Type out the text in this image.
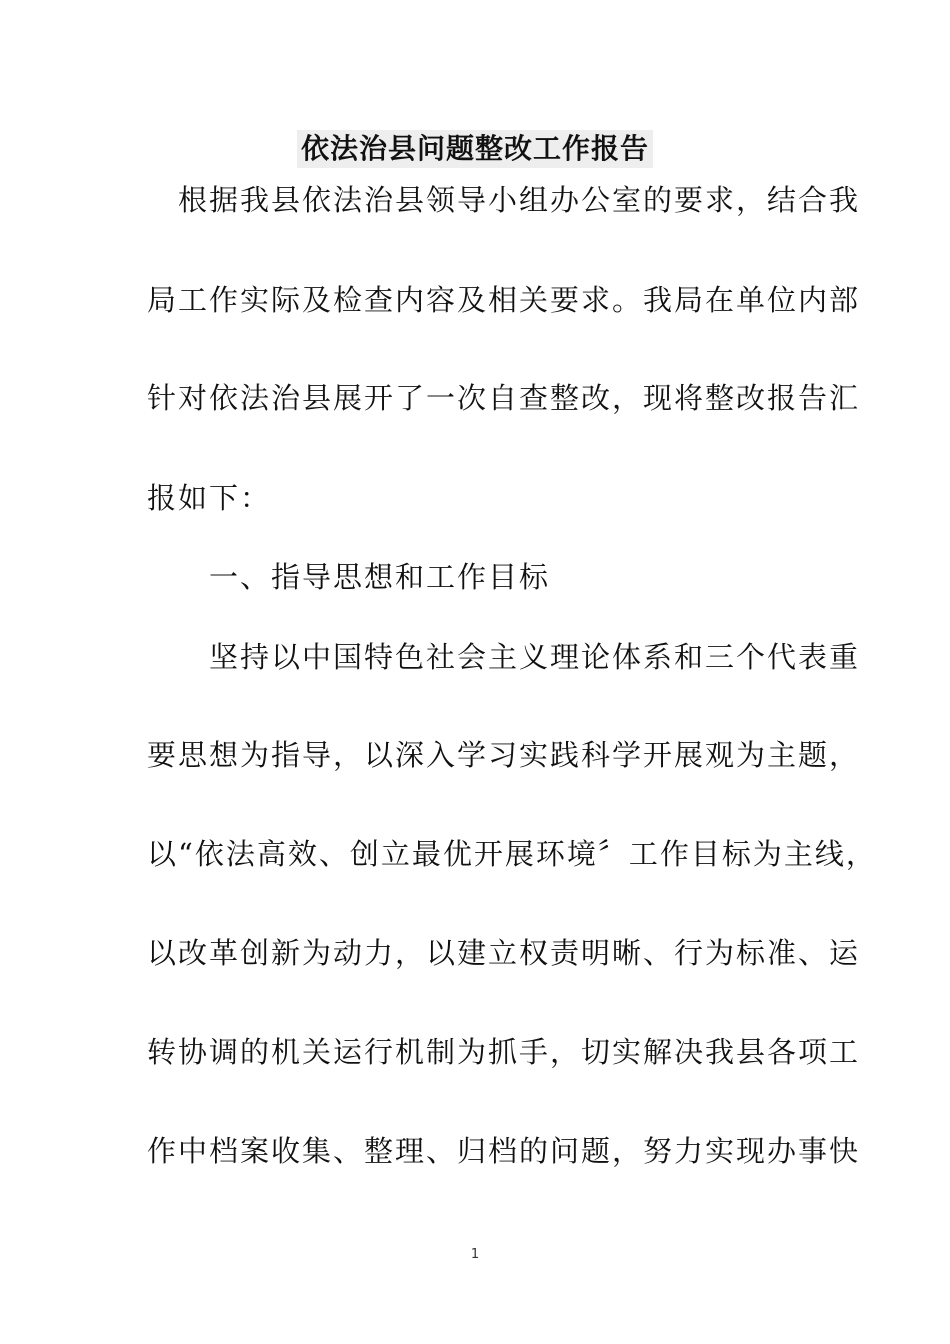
依法治县问题整改工作报告
　根据我县依法治县领导小组办公室的要求，结合我
局工作实际及检查内容及相关要求。我局在单位内部
针对依法治县展开了一次自查整改，现将整改报告汇
报如下：
　　一、指导思想和工作目标
　　坚持以中国特色社会主义理论体系和三个代表重
要思想为指导，以深入学习实践科学开展观为主题，
以“依法高效、创立最优开展环境〞工作目标为主线，
以改革创新为动力，以建立权责明晰、行为标准、运
转协调的机关运行机制为抓手，切实解决我县各项工
作中档案收集、整理、归档的问题，努力实现办事快
1
